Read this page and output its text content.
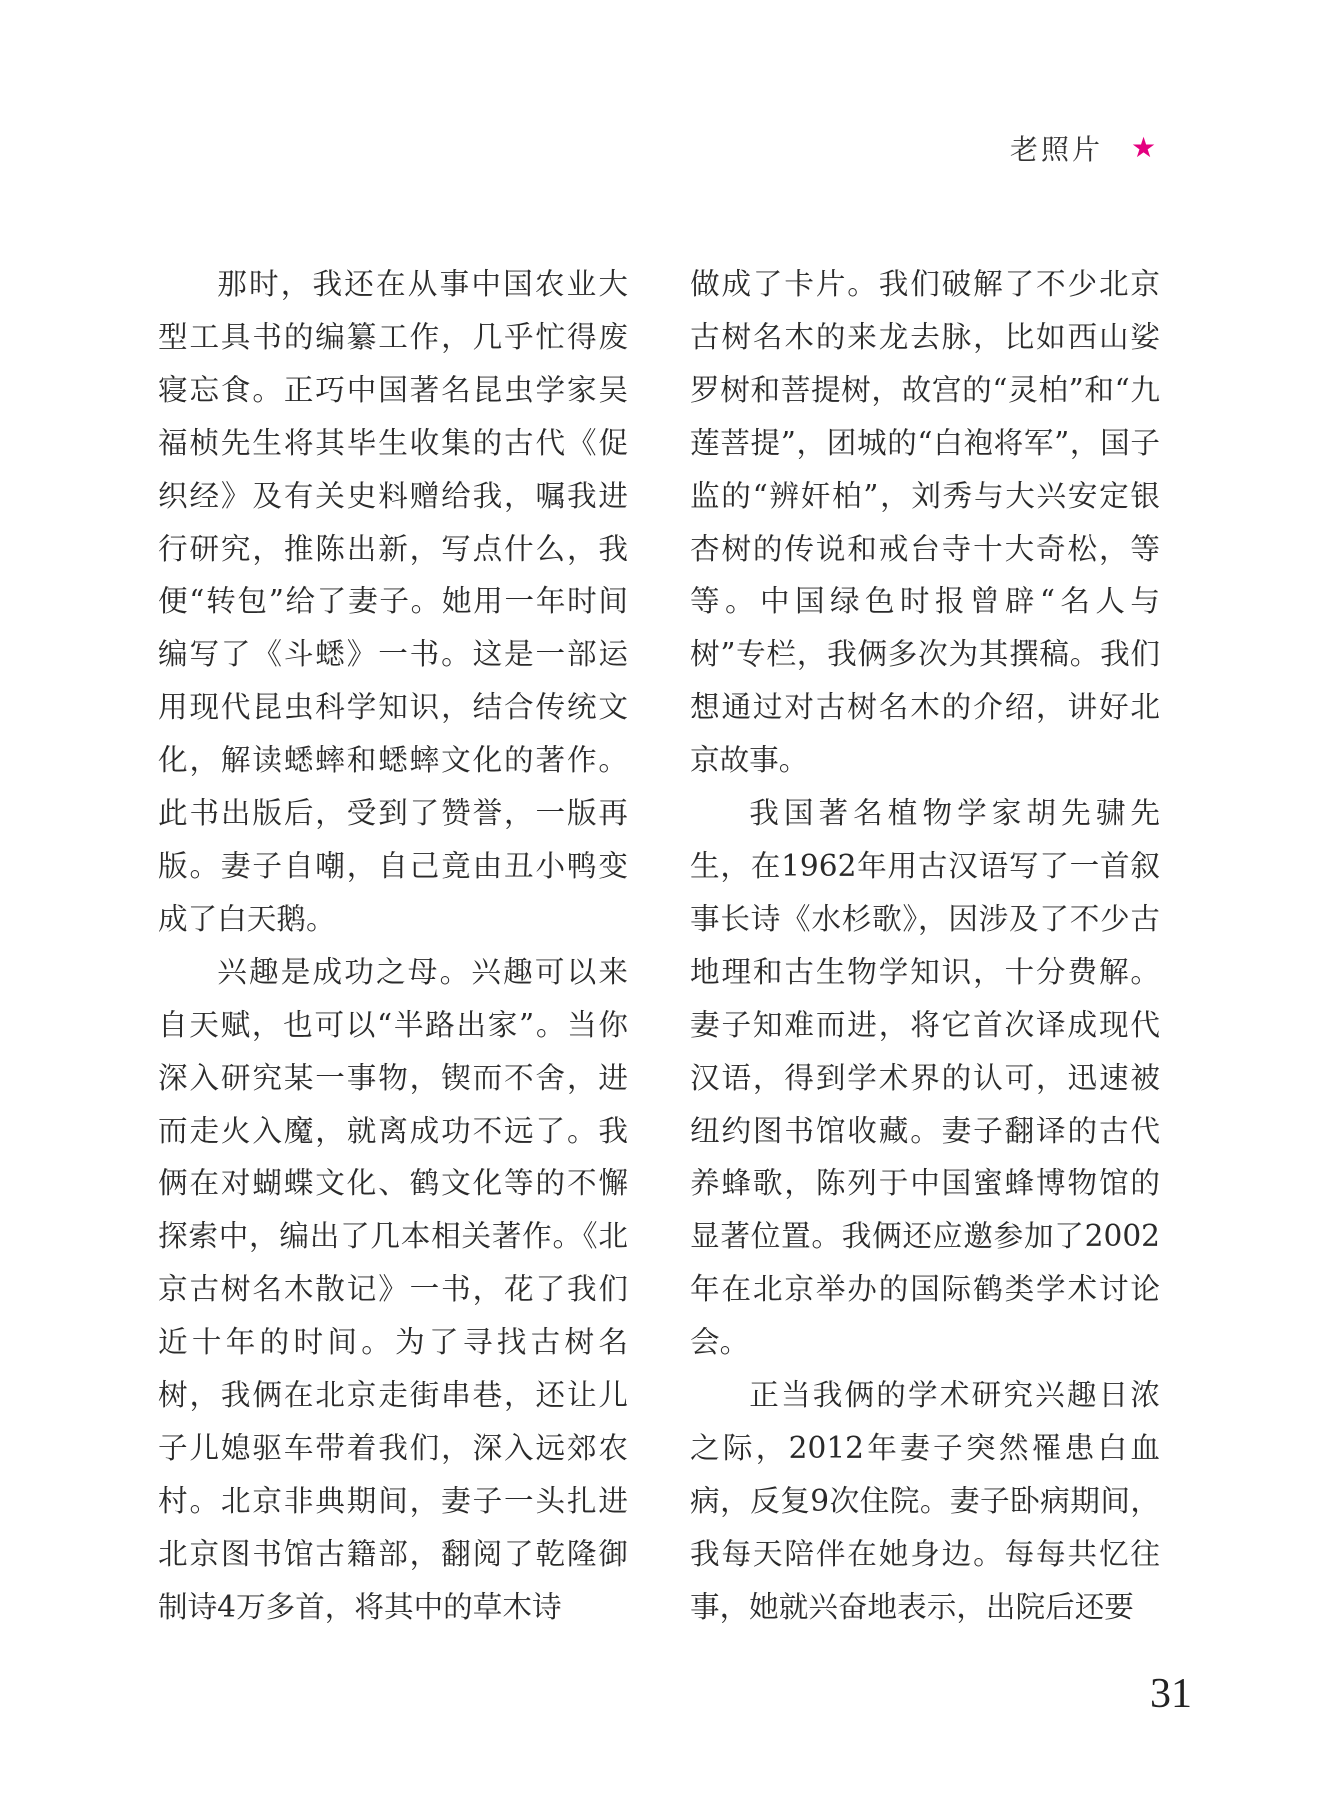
老照片 ★

那时，我还在从事中国农业大型工具书的编纂工作，几乎忙得废寝忘食。正巧中国著名昆虫学家吴福桢先生将其毕生收集的古代《促织经》及有关史料赠给我，嘱我进行研究，推陈出新，写点什么，我便“转包”给了妻子。她用一年时间编写了《斗蟋》一书。这是一部运用现代昆虫科学知识，结合传统文化，解读蟋蟀和蟋蟀文化的著作。此书出版后，受到了赞誉，一版再版。妻子自嘲，自己竟由丑小鸭变成了白天鹅。

兴趣是成功之母。兴趣可以来自天赋，也可以“半路出家”。当你深入研究某一事物，锲而不舍，进而走火入魔，就离成功不远了。我俩在对蝴蝶文化、鹤文化等的不懈探索中，编出了几本相关著作。《北京古树名木散记》一书，花了我们近十年的时间。为了寻找古树名树，我俩在北京走街串巷，还让儿子儿媳驱车带着我们，深入远郊农村。北京非典期间，妻子一头扎进北京图书馆古籍部，翻阅了乾隆御制诗4万多首，将其中的草木诗

做成了卡片。我们破解了不少北京古树名木的来龙去脉，比如西山娑罗树和菩提树，故宫的“灵柏”和“九莲菩提”，团城的“白袍将军”，国子监的“辨奸柏”，刘秀与大兴安定银杏树的传说和戒台寺十大奇松，等等。中国绿色时报曾辟“名人与树”专栏，我俩多次为其撰稿。我们想通过对古树名木的介绍，讲好北京故事。

我国著名植物学家胡先骕先生，在1962年用古汉语写了一首叙事长诗《水杉歌》，因涉及了不少古地理和古生物学知识，十分费解。妻子知难而进，将它首次译成现代汉语，得到学术界的认可，迅速被纽约图书馆收藏。妻子翻译的古代养蜂歌，陈列于中国蜜蜂博物馆的显著位置。我俩还应邀参加了2002年在北京举办的国际鹤类学术讨论会。

正当我俩的学术研究兴趣日浓之际，2012年妻子突然罹患白血病，反复9次住院。妻子卧病期间，我每天陪伴在她身边。每每共忆往事，她就兴奋地表示，出院后还要

31
